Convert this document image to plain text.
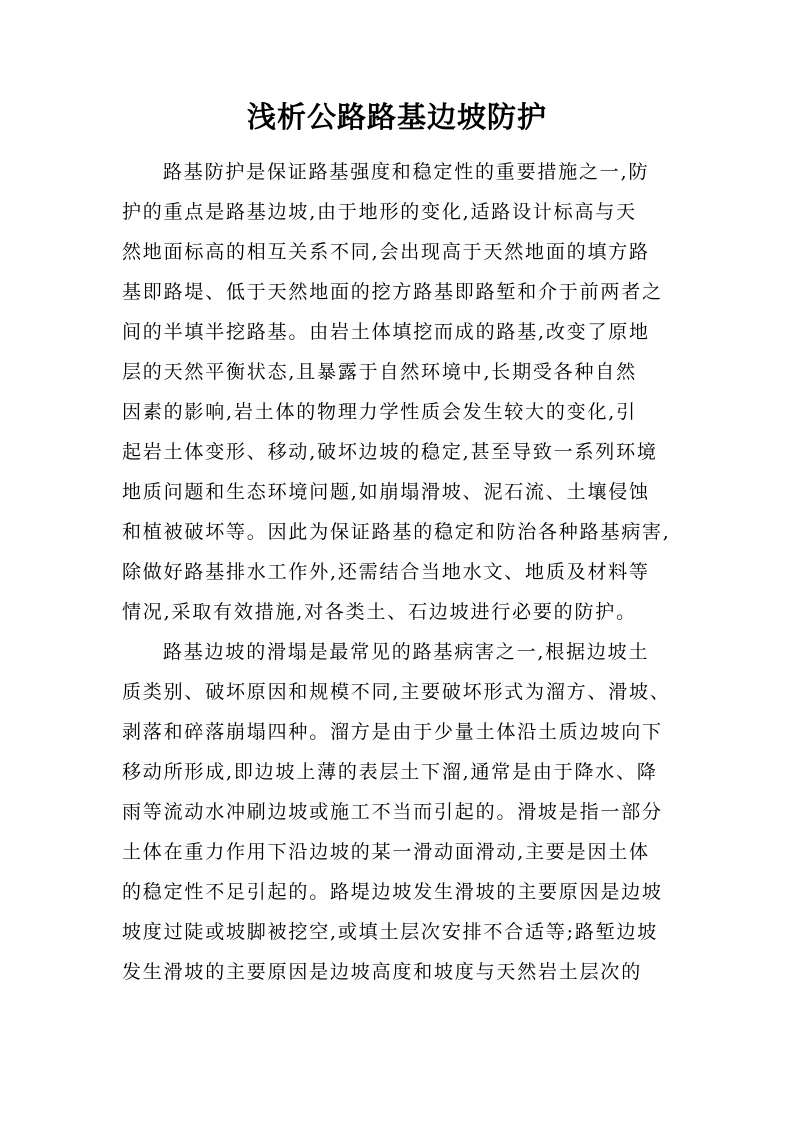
浅析公路路基边坡防护
路基防护是保证路基强度和稳定性的重要措施之一,防
护的重点是路基边坡,由于地形的变化,适路设计标高与天
然地面标高的相互关系不同,会出现高于天然地面的填方路
基即路堤、低于天然地面的挖方路基即路堑和介于前两者之
间的半填半挖路基。由岩土体填挖而成的路基,改变了原地
层的天然平衡状态,且暴露于自然环境中,长期受各种自然
因素的影响,岩土体的物理力学性质会发生较大的变化,引
起岩土体变形、移动,破坏边坡的稳定,甚至导致一系列环境
地质问题和生态环境问题,如崩塌滑坡、泥石流、土壤侵蚀
和植被破坏等。因此为保证路基的稳定和防治各种路基病害,
除做好路基排水工作外,还需结合当地水文、地质及材料等
情况,采取有效措施,对各类土、石边坡进行必要的防护。
路基边坡的滑塌是最常见的路基病害之一,根据边坡土
质类别、破坏原因和规模不同,主要破坏形式为溜方、滑坡、
剥落和碎落崩塌四种。溜方是由于少量土体沿土质边坡向下
移动所形成,即边坡上薄的表层土下溜,通常是由于降水、降
雨等流动水冲刷边坡或施工不当而引起的。滑坡是指一部分
土体在重力作用下沿边坡的某一滑动面滑动,主要是因土体
的稳定性不足引起的。路堤边坡发生滑坡的主要原因是边坡
坡度过陡或坡脚被挖空,或填土层次安排不合适等;路堑边坡
发生滑坡的主要原因是边坡高度和坡度与天然岩土层次的
